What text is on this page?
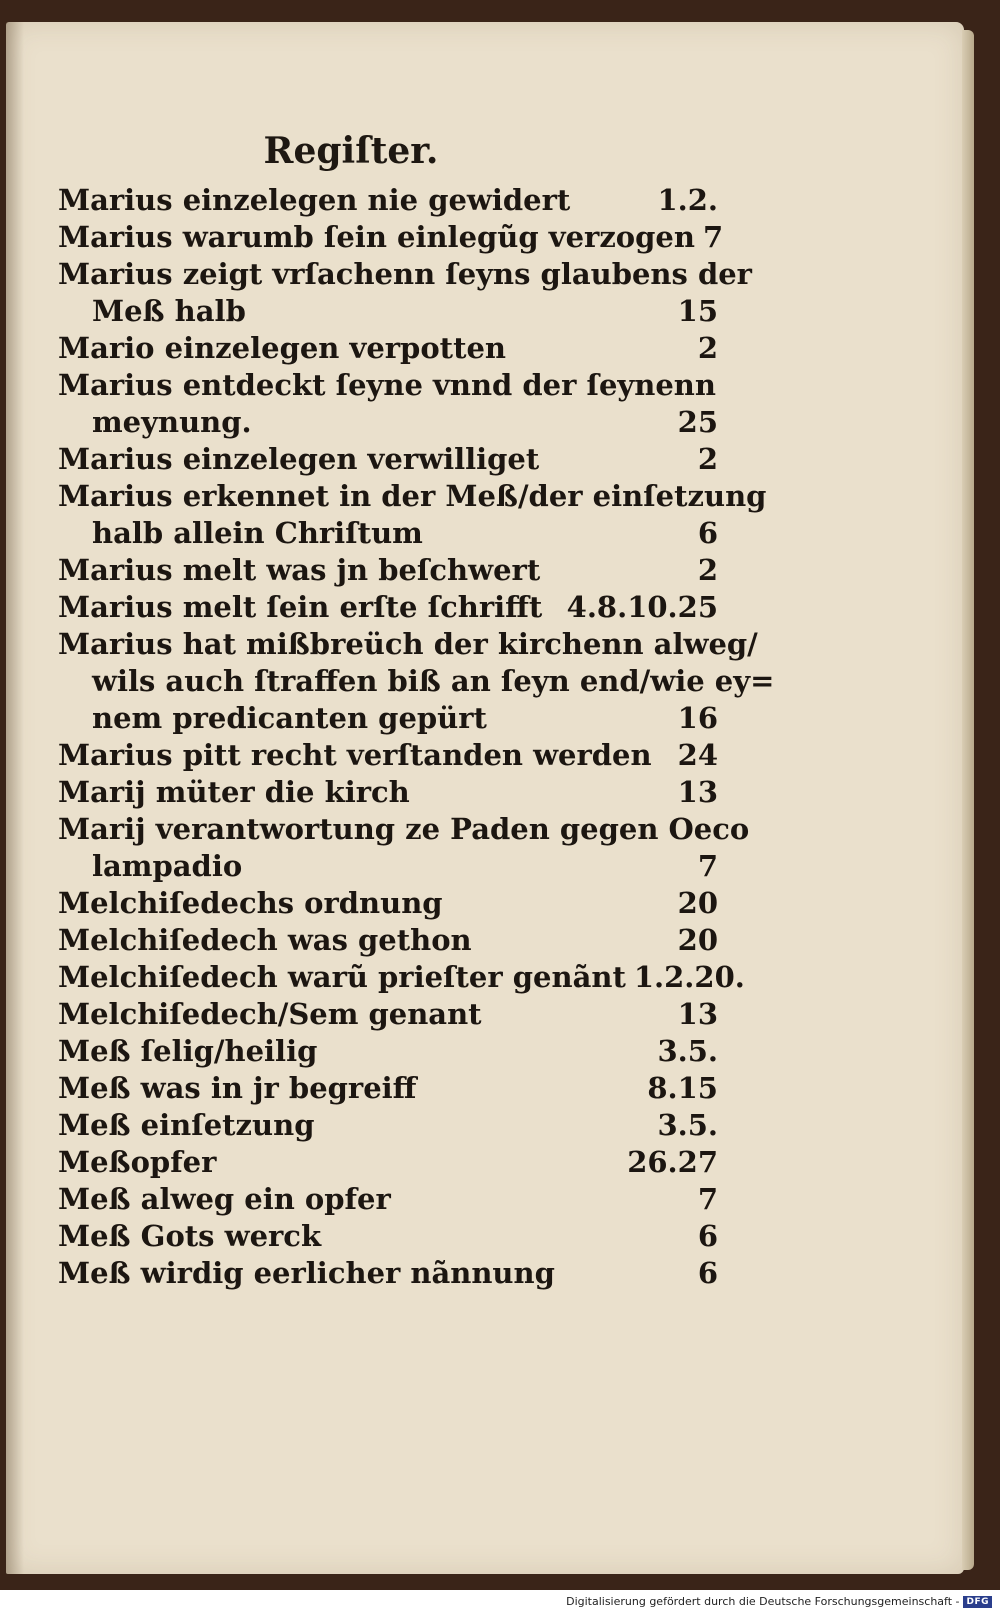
Regiſter.
Marius einzelegen nie gewidert	1.2.
Marius warumb ſein einlegũg verzogen 7
Marius zeigt vrſachenn ſeyns glaubens der
Meß halb	15
Mario einzelegen verpotten	2
Marius entdeckt ſeyne vnnd der ſeynenn
meynung.	25
Marius einzelegen verwilliget	2
Marius erkennet in der Meß/der einſetzung
halb allein Chriſtum	6
Marius melt was jn beſchwert	2
Marius melt ſein erſte ſchrifft 4.8.10.25
Marius hat mißbreüch der kirchenn alweg/
wils auch ſtraffen biß an ſeyn end/wie ey=
nem predicanten gepürt	16
Marius pitt recht verſtanden werden 24
Marij müter die kirch	13
Marij verantwortung ze Paden gegen Oeco
lampadio	7
Melchiſedechs ordnung	20
Melchiſedech was gethon	20
Melchiſedech warũ prieſter genãnt 1.2.20.
Melchiſedech/Sem genant	13
Meß ſelig/heilig	3.5.
Meß was in jr begreiff	8.15
Meß einſetzung	3.5.
Meßopfer	26.27
Meß alweg ein opfer	7
Meß Gots werck	6
Meß wirdig eerlicher nãnnung	6
Digitalisierung gefördert durch die Deutsche Forschungsgemeinschaft - DFG
